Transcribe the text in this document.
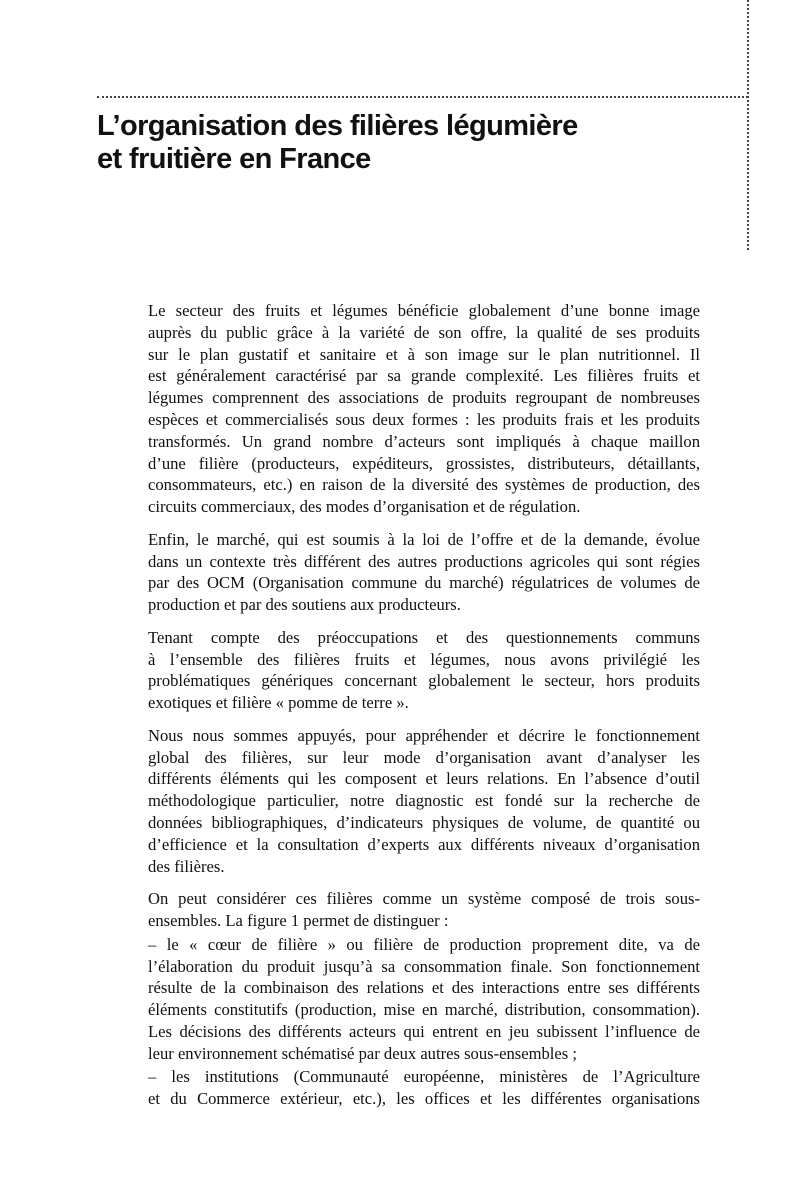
L’organisation des filières légumière
et fruitière en France

Le secteur des fruits et légumes bénéficie globalement d’une bonne image
auprès du public grâce à la variété de son offre, la qualité de ses produits
sur le plan gustatif et sanitaire et à son image sur le plan nutritionnel. Il
est généralement caractérisé par sa grande complexité. Les filières fruits et
légumes comprennent des associations de produits regroupant de nombreuses
espèces et commercialisés sous deux formes : les produits frais et les produits
transformés. Un grand nombre d’acteurs sont impliqués à chaque maillon
d’une filière (producteurs, expéditeurs, grossistes, distributeurs, détaillants,
consommateurs, etc.) en raison de la diversité des systèmes de production, des
circuits commerciaux, des modes d’organisation et de régulation.

Enfin, le marché, qui est soumis à la loi de l’offre et de la demande, évolue
dans un contexte très différent des autres productions agricoles qui sont régies
par des OCM (Organisation commune du marché) régulatrices de volumes de
production et par des soutiens aux producteurs.

Tenant compte des préoccupations et des questionnements communs
à l’ensemble des filières fruits et légumes, nous avons privilégié les
problématiques génériques concernant globalement le secteur, hors produits
exotiques et filière « pomme de terre ».

Nous nous sommes appuyés, pour appréhender et décrire le fonctionnement
global des filières, sur leur mode d’organisation avant d’analyser les
différents éléments qui les composent et leurs relations. En l’absence d’outil
méthodologique particulier, notre diagnostic est fondé sur la recherche de
données bibliographiques, d’indicateurs physiques de volume, de quantité ou
d’efficience et la consultation d’experts aux différents niveaux d’organisation
des filières.

On peut considérer ces filières comme un système composé de trois sous-
ensembles. La figure 1 permet de distinguer :

– le « cœur de filière » ou filière de production proprement dite, va de
l’élaboration du produit jusqu’à sa consommation finale. Son fonctionnement
résulte de la combinaison des relations et des interactions entre ses différents
éléments constitutifs (production, mise en marché, distribution, consommation).
Les décisions des différents acteurs qui entrent en jeu subissent l’influence de
leur environnement schématisé par deux autres sous-ensembles ;

– les institutions (Communauté européenne, ministères de l’Agriculture
et du Commerce extérieur, etc.), les offices et les différentes organisations
